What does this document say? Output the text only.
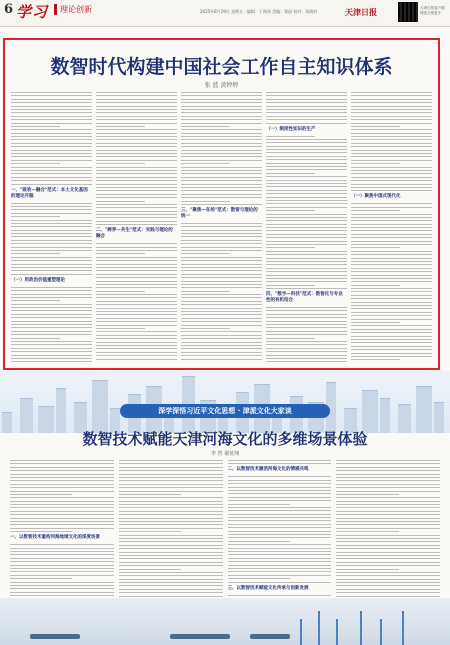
6 学习	理论创新	2025年8月29日 星期五 · 编辑：于海涛 美编：郑丽 校对：陈晓玲	天津日报	天津日报客户端 理论文章更多
数智时代构建中国社会工作自主知识体系
张 蓝 黄婷婷
一、"吸收—融合"范式：本土文化基因的理论开掘
（一）用政治价值重塑理论
二、"跨界—共生"范式：实践与理论的融合
三、"聚焦—在场"范式：数智与理论的统一
（一）制度性知识的生产
四、"数字—科技"范式：数智化与专业性的有机结合
（一）聚焦中国式现代化
深学深悟习近平文化思想 · 津派文化大家谈
数智技术赋能天津河海文化的多维场景体验
李 然 谢蓝翔
一、以数智技术重构河海地域文化的深度场景
二、以数智技术激活河海文化的情感共鸣
三、以数智技术赋能文化传承与创新发展
